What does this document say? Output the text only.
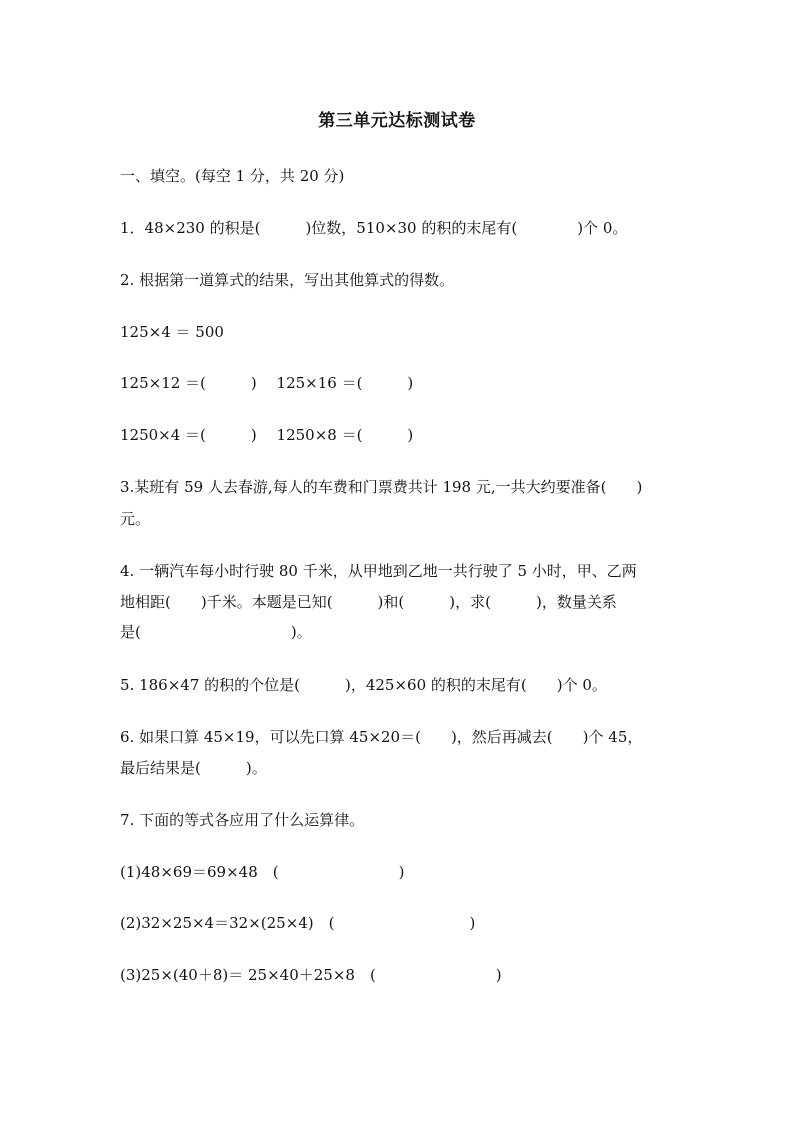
第三单元达标测试卷
一、填空。(每空 1 分，共 20 分)
1．48×230 的积是(　　　)位数，510×30 的积的末尾有(　　　　)个 0。
2. 根据第一道算式的结果，写出其他算式的得数。
125×4 ＝ 500
125×12 ＝(　　　)　 125×16 ＝(　　　)
1250×4 ＝(　　　)　 1250×8 ＝(　　　)
3.某班有 59 人去春游,每人的车费和门票费共计 198 元,一共大约要准备(　　)
元。
4. 一辆汽车每小时行驶 80 千米，从甲地到乙地一共行驶了 5 小时，甲、乙两
地相距(　　)千米。本题是已知(　　　)和(　　　)，求(　　　)，数量关系
是(　　　　　　　　　　)。
5. 186×47 的积的个位是(　　　)，425×60 的积的末尾有(　　)个 0。
6. 如果口算 45×19，可以先口算 45×20＝(　　)，然后再减去(　　)个 45，
最后结果是(　　　)。
7. 下面的等式各应用了什么运算律。
(1)48×69＝69×48　(　　　　　　　　)
(2)32×25×4＝32×(25×4)　(　　　　　　　　　)
(3)25×(40＋8)＝ 25×40＋25×8　(　　　　　　　　)
